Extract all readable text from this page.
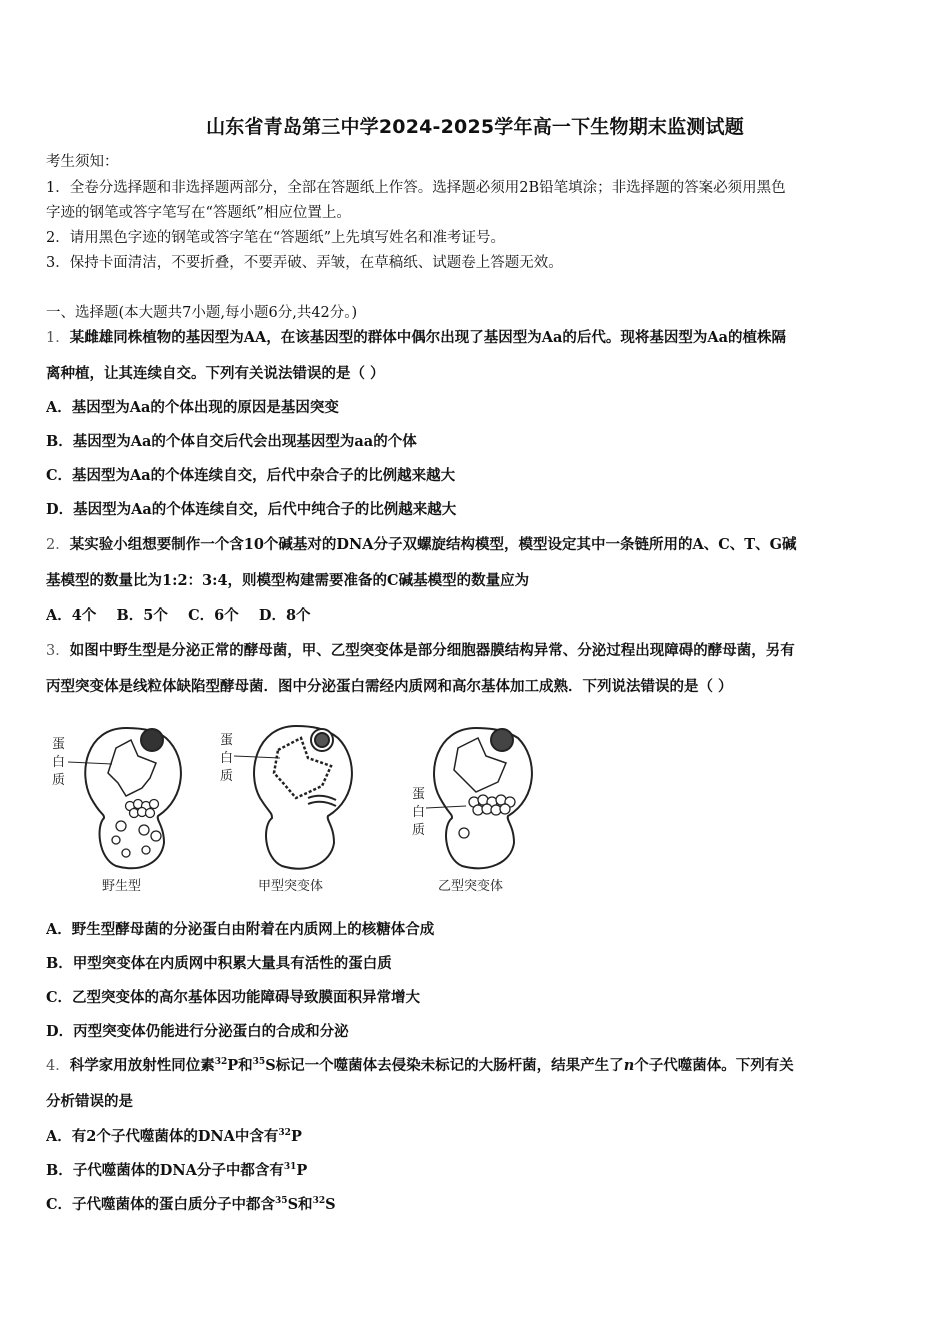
山东省青岛第三中学2024-2025学年高一下生物期末监测试题
考生须知：
1．全卷分选择题和非选择题两部分，全部在答题纸上作答。选择题必须用2B铅笔填涂；非选择题的答案必须用黑色
字迹的钢笔或答字笔写在“答题纸”相应位置上。
2．请用黑色字迹的钢笔或答字笔在“答题纸”上先填写姓名和准考证号。
3．保持卡面清洁，不要折叠，不要弄破、弄皱，在草稿纸、试题卷上答题无效。
一、选择题(本大题共7小题,每小题6分,共42分。)
1．某雌雄同株植物的基因型为AA，在该基因型的群体中偶尔出现了基因型为Aa的后代。现将基因型为Aa的植株隔
离种植，让其连续自交。下列有关说法错误的是（ ）
A．基因型为Aa的个体出现的原因是基因突变
B．基因型为Aa的个体自交后代会出现基因型为aa的个体
C．基因型为Aa的个体连续自交，后代中杂合子的比例越来越大
D．基因型为Aa的个体连续自交，后代中纯合子的比例越来越大
2．某实验小组想要制作一个含10个碱基对的DNA分子双螺旋结构模型，模型设定其中一条链所用的A、C、T、G碱
基模型的数量比为1:2：3:4，则模型构建需要准备的C碱基模型的数量应为
A．4个    B．5个    C．6个    D．8个
3．如图中野生型是分泌正常的酵母菌，甲、乙型突变体是部分细胞器膜结构异常、分泌过程出现障碍的酵母菌，另有
丙型突变体是线粒体缺陷型酵母菌．图中分泌蛋白需经内质网和高尔基体加工成熟．下列说法错误的是（ ）
蛋
白
质
野生型
蛋
白
质
甲型突变体
蛋
白
质
乙型突变体
A．野生型酵母菌的分泌蛋白由附着在内质网上的核糖体合成
B．甲型突变体在内质网中积累大量具有活性的蛋白质
C．乙型突变体的高尔基体因功能障碍导致膜面积异常增大
D．丙型突变体仍能进行分泌蛋白的合成和分泌
4．科学家用放射性同位素$^{32}$P和$^{35}$S标记一个噬菌体去侵染未标记的大肠杆菌，结果产生了n个子代噬菌体。下列有关
分析错误的是
A．有2个子代噬菌体的DNA中含有$^{32}$P
B．子代噬菌体的DNA分子中都含有$^{31}$P
C．子代噬菌体的蛋白质分子中都含$^{35}$S和$^{32}$S
